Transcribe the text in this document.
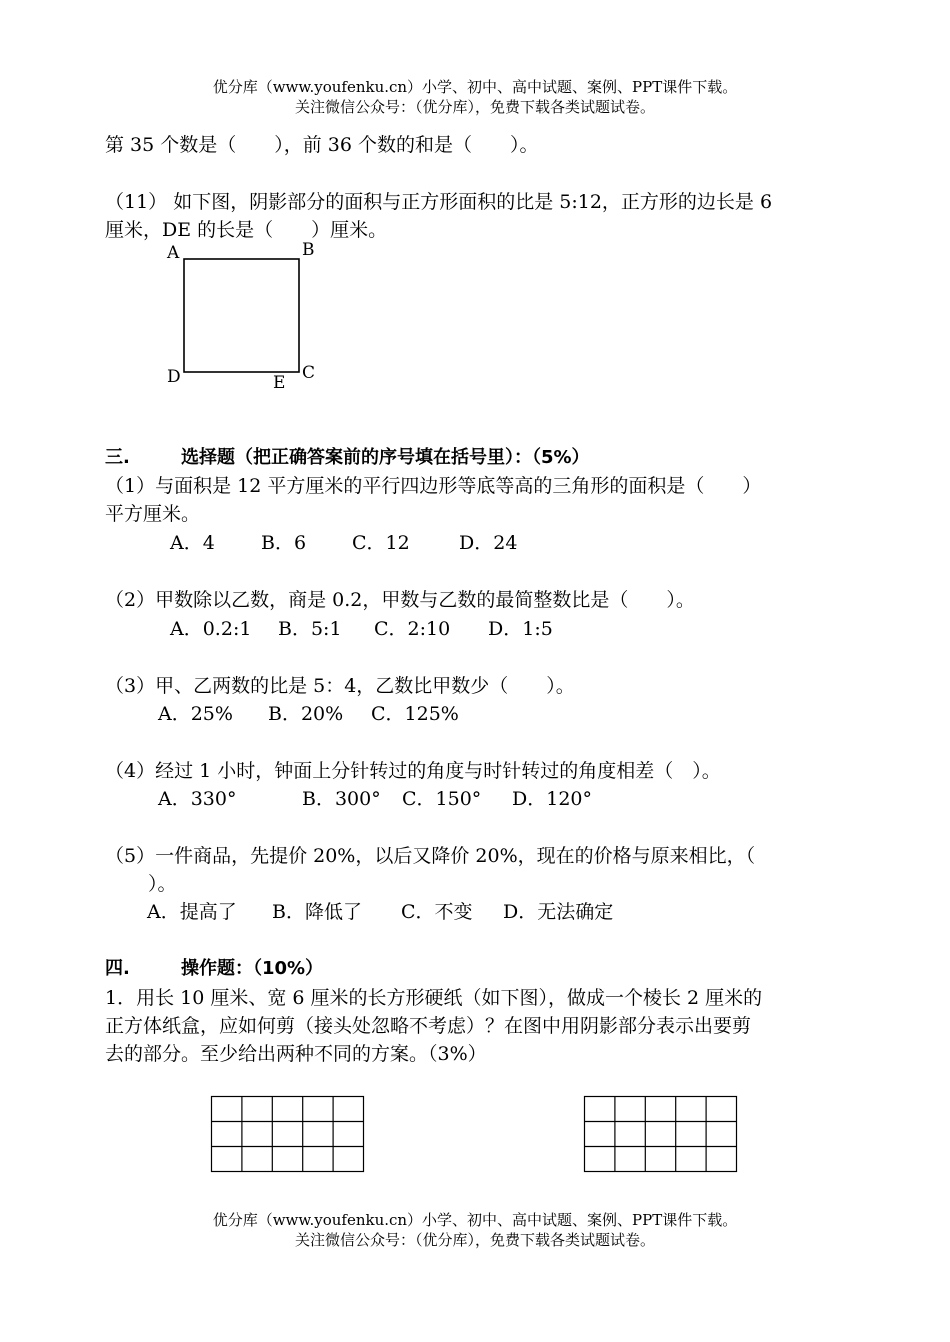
优分库（www.youfenku.cn）小学、初中、高中试题、案例、PPT课件下载。
关注微信公众号：（优分库），免费下载各类试题试卷。
第 35 个数是（　　），前 36 个数的和是（　　）。
（11） 如下图，阴影部分的面积与正方形面积的比是 5:12，正方形的边长是 6
厘米，DE 的长是（　　）厘米。
A	B
C
D	E
三.	选择题（把正确答案前的序号填在括号里）：（5%）
（1）与面积是 12 平方厘米的平行四边形等底等高的三角形的面积是（　　）
平方厘米。
A．4 B．6 C．12	D．24
（2）甲数除以乙数，商是 0.2，甲数与乙数的最简整数比是（　　）。
A．0.2:1 B．5:1 C．2:10 D．1:5
（3）甲、乙两数的比是 5：4，乙数比甲数少（　　）。
A．25% B．20% C．125%
（4）经过 1 小时，钟面上分针转过的角度与时针转过的角度相差（　）。
A．330°	B．300° C．150° D．120°
（5）一件商品，先提价 20%，以后又降价 20%，现在的价格与原来相比，（
）。
A．提高了 B．降低了 C．不变 D．无法确定
四.	操作题：（10%）
1．用长 10 厘米、宽 6 厘米的长方形硬纸（如下图），做成一个棱长 2 厘米的
正方体纸盒，应如何剪（接头处忽略不考虑）？在图中用阴影部分表示出要剪
去的部分。至少给出两种不同的方案。（3%）
优分库（www.youfenku.cn）小学、初中、高中试题、案例、PPT课件下载。
关注微信公众号：（优分库），免费下载各类试题试卷。
